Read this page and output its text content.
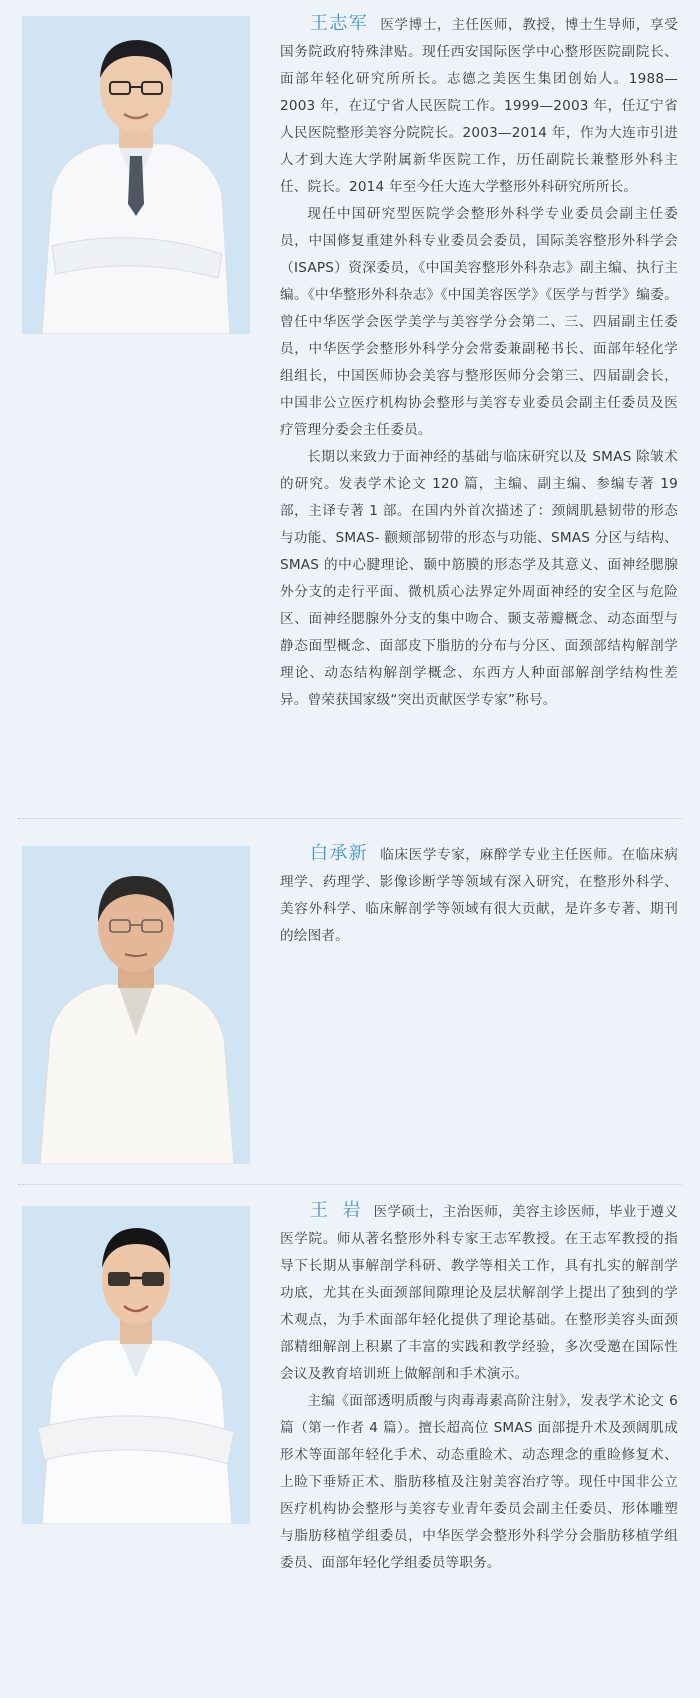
王志军 医学博士，主任医师，教授，博士生导师，享受国务院政府特殊津贴。现任西安国际医学中心整形医院副院长、面部年轻化研究所所长。志德之美医生集团创始人。1988—2003 年，在辽宁省人民医院工作。1999—2003 年，任辽宁省人民医院整形美容分院院长。2003—2014 年，作为大连市引进人才到大连大学附属新华医院工作，历任副院长兼整形外科主任、院长。2014 年至今任大连大学整形外科研究所所长。

现任中国研究型医院学会整形外科学专业委员会副主任委员，中国修复重建外科专业委员会委员，国际美容整形外科学会（ISAPS）资深委员，《中国美容整形外科杂志》副主编、执行主编。《中华整形外科杂志》《中国美容医学》《医学与哲学》编委。曾任中华医学会医学美学与美容学分会第二、三、四届副主任委员，中华医学会整形外科学分会常委兼副秘书长、面部年轻化学组组长，中国医师协会美容与整形医师分会第三、四届副会长，中国非公立医疗机构协会整形与美容专业委员会副主任委员及医疗管理分委会主任委员。

长期以来致力于面神经的基础与临床研究以及 SMAS 除皱术的研究。发表学术论文 120 篇，主编、副主编、参编专著 19 部，主译专著 1 部。在国内外首次描述了：颈阔肌悬韧带的形态与功能、SMAS- 颧颊部韧带的形态与功能、SMAS 分区与结构、SMAS 的中心腱理论、颞中筋膜的形态学及其意义、面神经腮腺外分支的走行平面、微机质心法界定外周面神经的安全区与危险区、面神经腮腺外分支的集中吻合、颞支蒂瓣概念、动态面型与静态面型概念、面部皮下脂肪的分布与分区、面颈部结构解剖学理论、动态结构解剖学概念、东西方人种面部解剖学结构性差异。曾荣获国家级“突出贡献医学专家”称号。

白承新 临床医学专家，麻醉学专业主任医师。在临床病理学、药理学、影像诊断学等领域有深入研究，在整形外科学、美容外科学、临床解剖学等领域有很大贡献，是许多专著、期刊的绘图者。

王  岩 医学硕士，主治医师，美容主诊医师，毕业于遵义医学院。师从著名整形外科专家王志军教授。在王志军教授的指导下长期从事解剖学科研、教学等相关工作，具有扎实的解剖学功底，尤其在头面颈部间隙理论及层状解剖学上提出了独到的学术观点，为手术面部年轻化提供了理论基础。在整形美容头面颈部精细解剖上积累了丰富的实践和教学经验，多次受邀在国际性会议及教育培训班上做解剖和手术演示。

主编《面部透明质酸与肉毒毒素高阶注射》，发表学术论文 6 篇（第一作者 4 篇）。擅长超高位 SMAS 面部提升术及颈阔肌成形术等面部年轻化手术、动态重睑术、动态理念的重睑修复术、上睑下垂矫正术、脂肪移植及注射美容治疗等。现任中国非公立医疗机构协会整形与美容专业青年委员会副主任委员、形体雕塑与脂肪移植学组委员，中华医学会整形外科学分会脂肪移植学组委员、面部年轻化学组委员等职务。
